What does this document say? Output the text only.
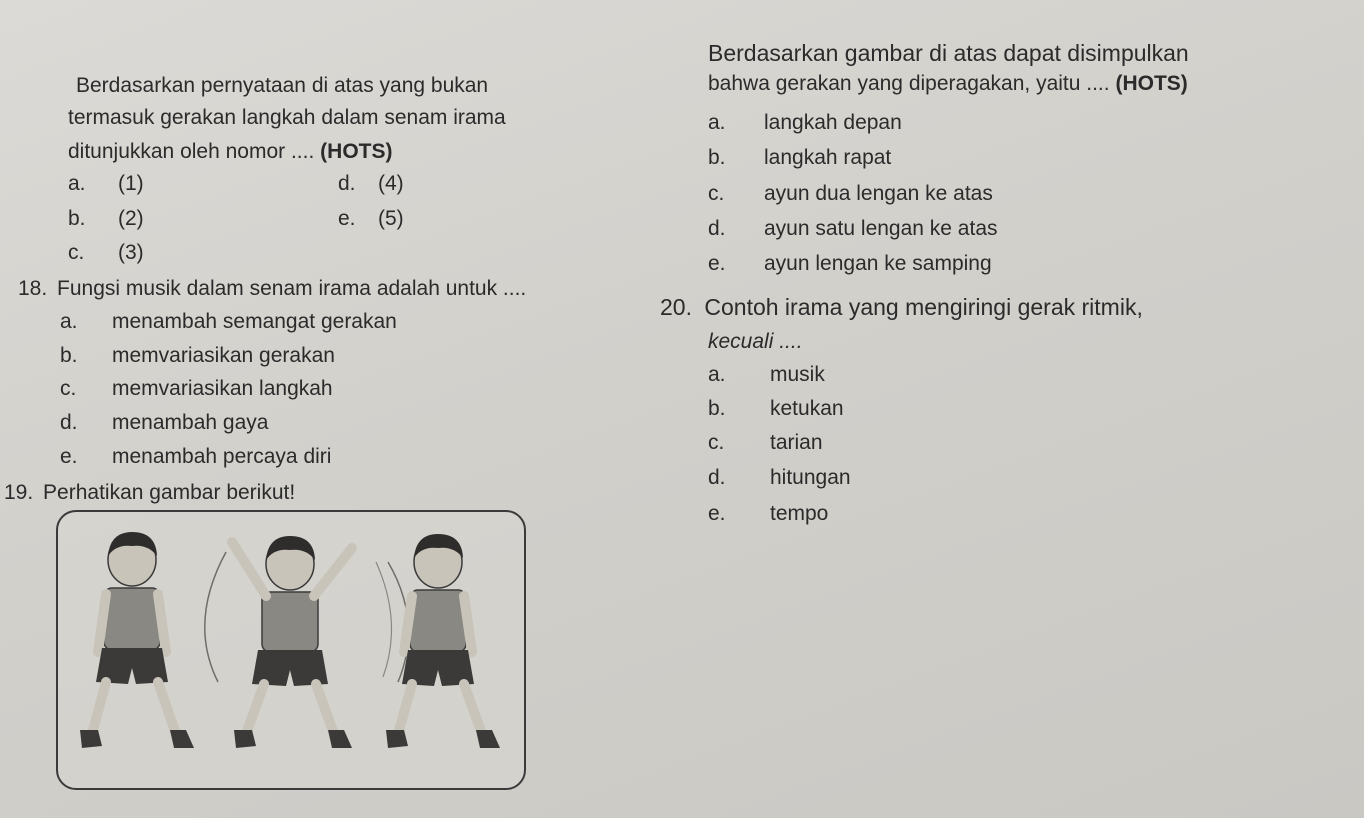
Berdasarkan pernyataan di atas yang bukan
termasuk gerakan langkah dalam senam irama
ditunjukkan oleh nomor .... (HOTS)
a. (1)
b. (2)
c. (3)
d. (4)
e. (5)
18. Fungsi musik dalam senam irama adalah untuk ....
a. menambah semangat gerakan
b. memvariasikan gerakan
c. memvariasikan langkah
d. menambah gaya
e. menambah percaya diri
19. Perhatikan gambar berikut!
Berdasarkan gambar di atas dapat disimpulkan
bahwa gerakan yang diperagakan, yaitu .... (HOTS)
a. langkah depan
b. langkah rapat
c. ayun dua lengan ke atas
d. ayun satu lengan ke atas
e. ayun lengan ke samping
20. Contoh irama yang mengiringi gerak ritmik,
kecuali ....
a. musik
b. ketukan
c. tarian
d. hitungan
e. tempo
